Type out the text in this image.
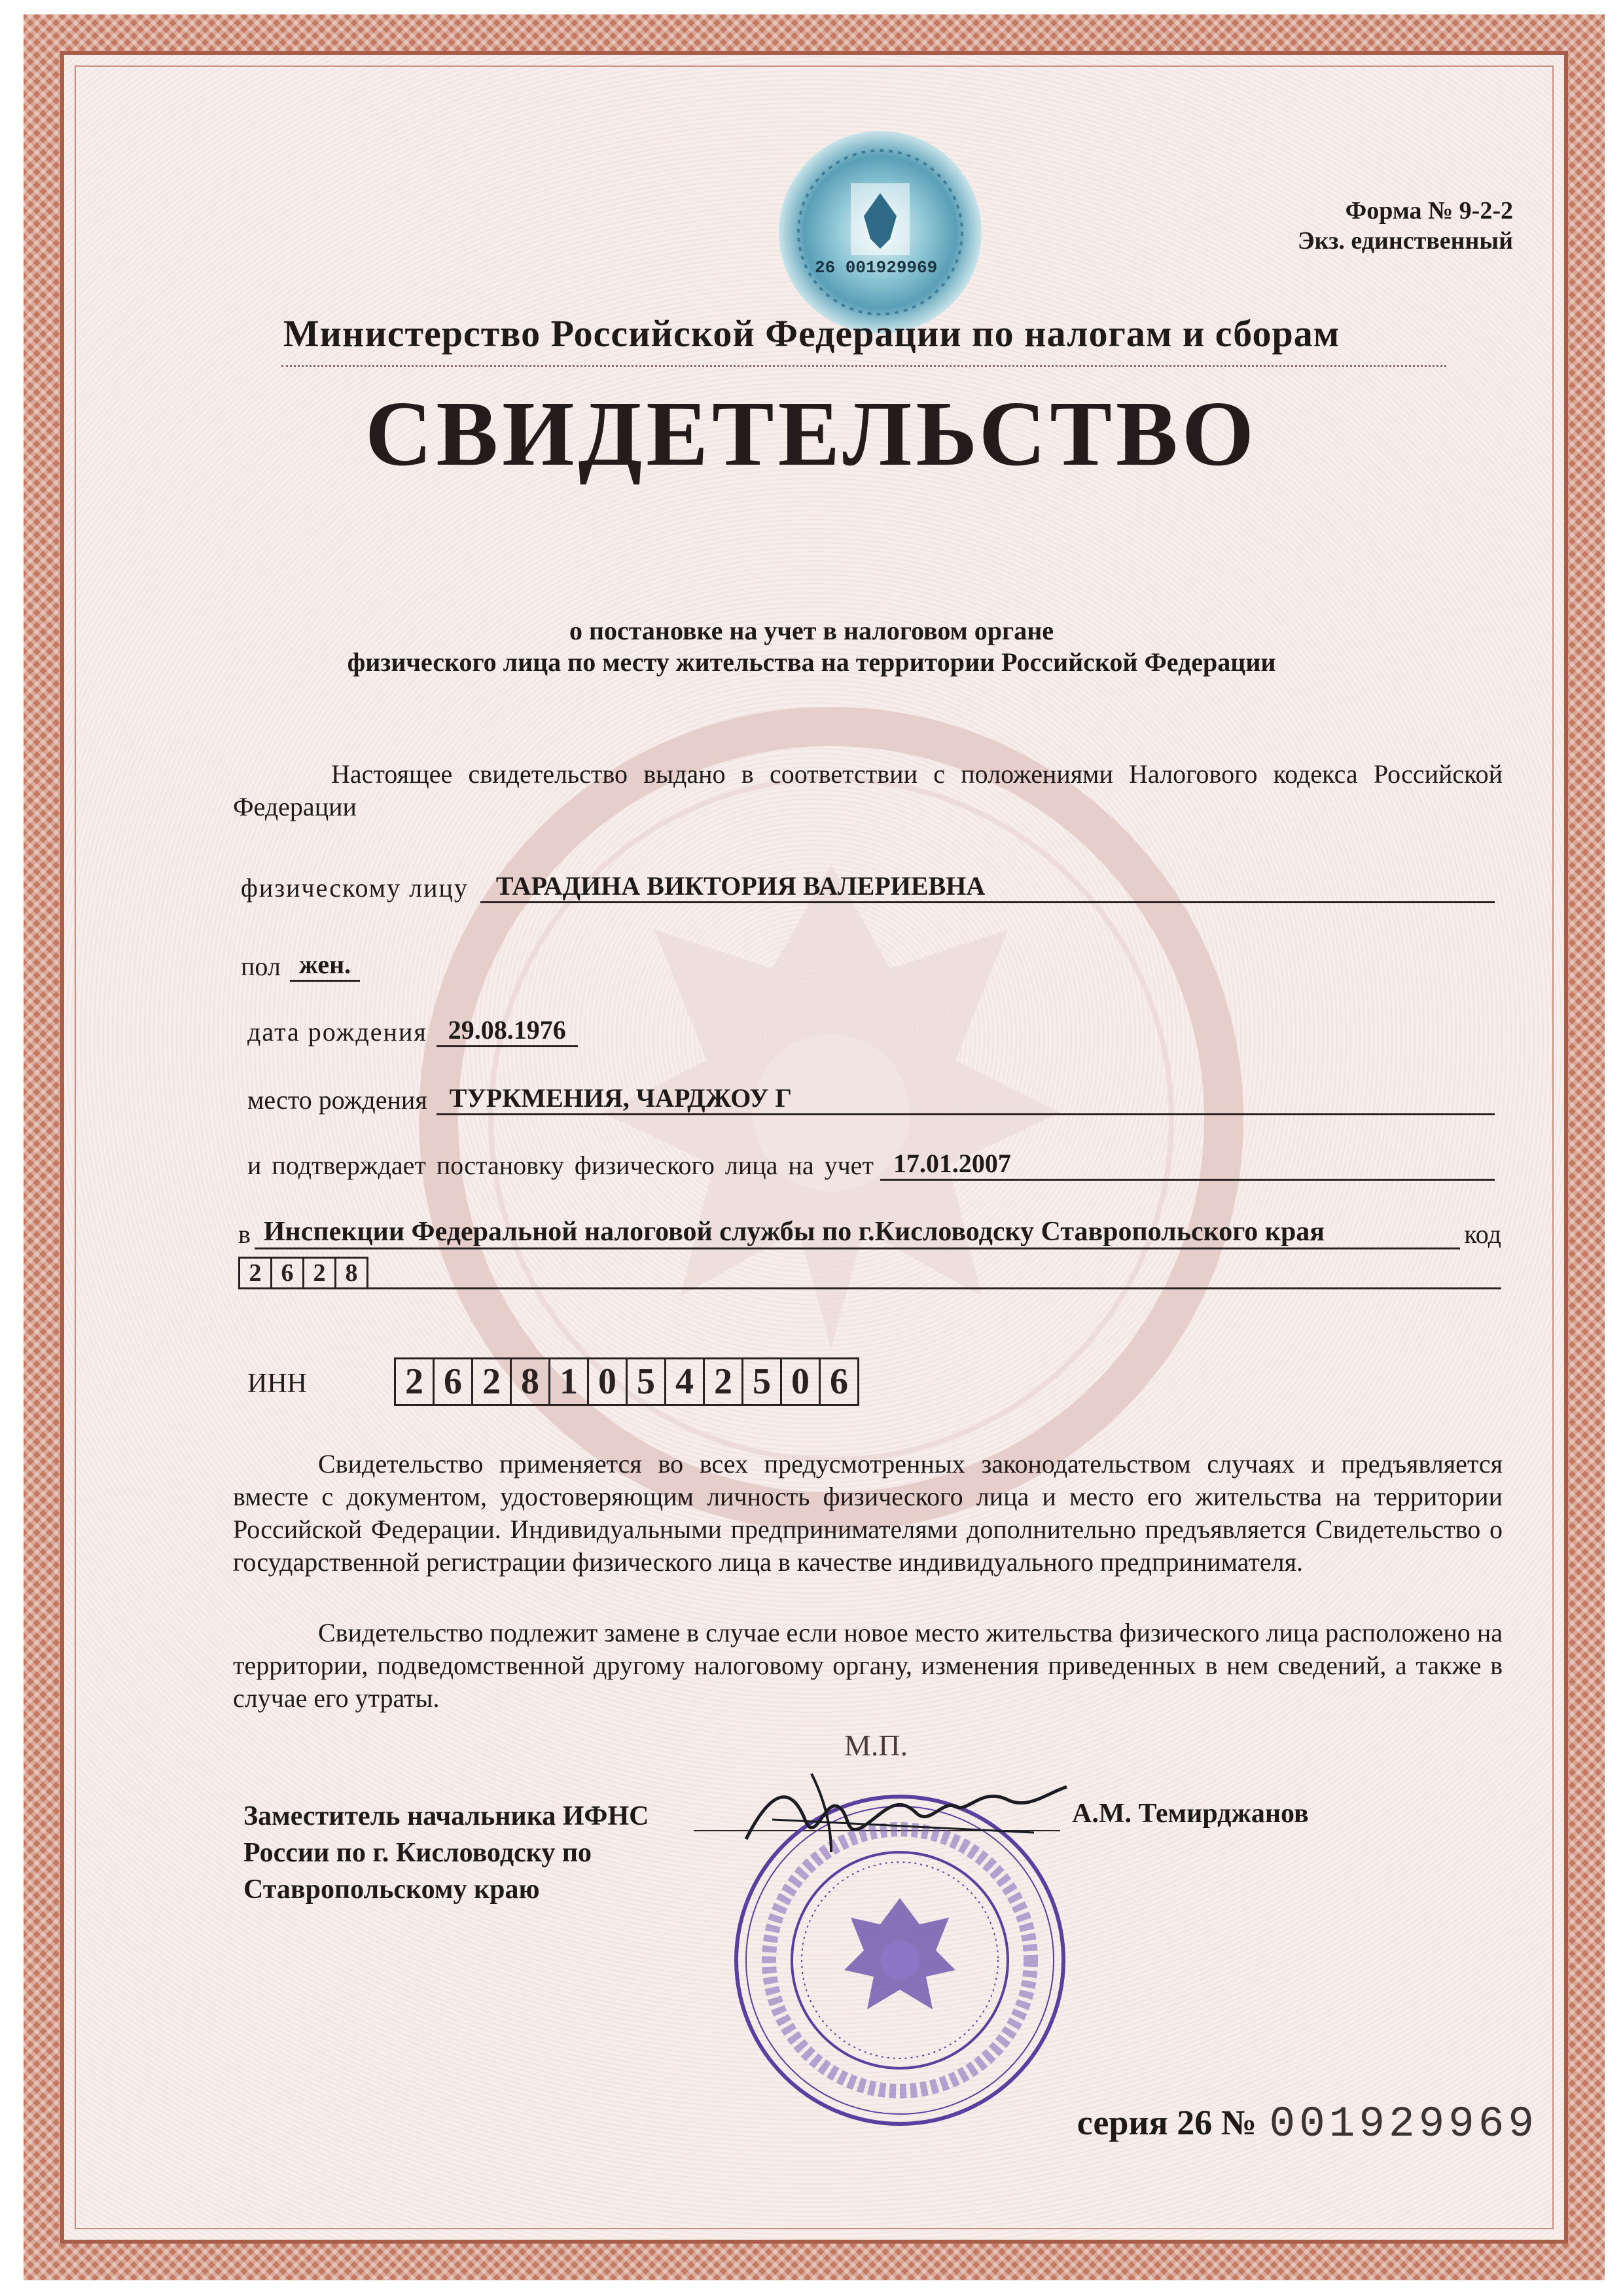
26 001929969
Форма № 9-2-2
Экз. единственный
Министерство Российской Федерации по налогам и сборам
СВИДЕТЕЛЬСТВО
о постановке на учет в налоговом органе
физического лица по месту жительства на территории Российской Федерации
Настоящее свидетельство выдано в соответствии с положениями Налогового кодекса Российской Федерации
физическому лицу	ТАРАДИНА ВИКТОРИЯ ВАЛЕРИЕВНА
пол жен.
дата рождения 29.08.1976
место рождения ТУРКМЕНИЯ, ЧАРДЖОУ Г
и подтверждает постановку физического лица на учет 17.01.2007
в Инспекции Федеральной налоговой службы по г.Кисловодску Ставропольского края	код
2 6 2 8
ИНН	2 6 2 8 1 0 5 4 2 5 0 6
Свидетельство применяется во всех предусмотренных законодательством случаях и предъявляется вместе с документом, удостоверяющим личность физического лица и место его жительства на территории Российской Федерации. Индивидуальными предпринимателями дополнительно предъявляется Свидетельство о государственной регистрации физического лица в качестве индивидуального предпринимателя.
Свидетельство подлежит замене в случае если новое место жительства физического лица расположено на территории, подведомственной другому налоговому органу, изменения приведенных в нем сведений, а также в случае его утраты.
Заместитель начальника ИФНС
России по г. Кисловодску по
Ставропольскому краю
А.М. Темирджанов
М.П.
серия 26 № 001929969
